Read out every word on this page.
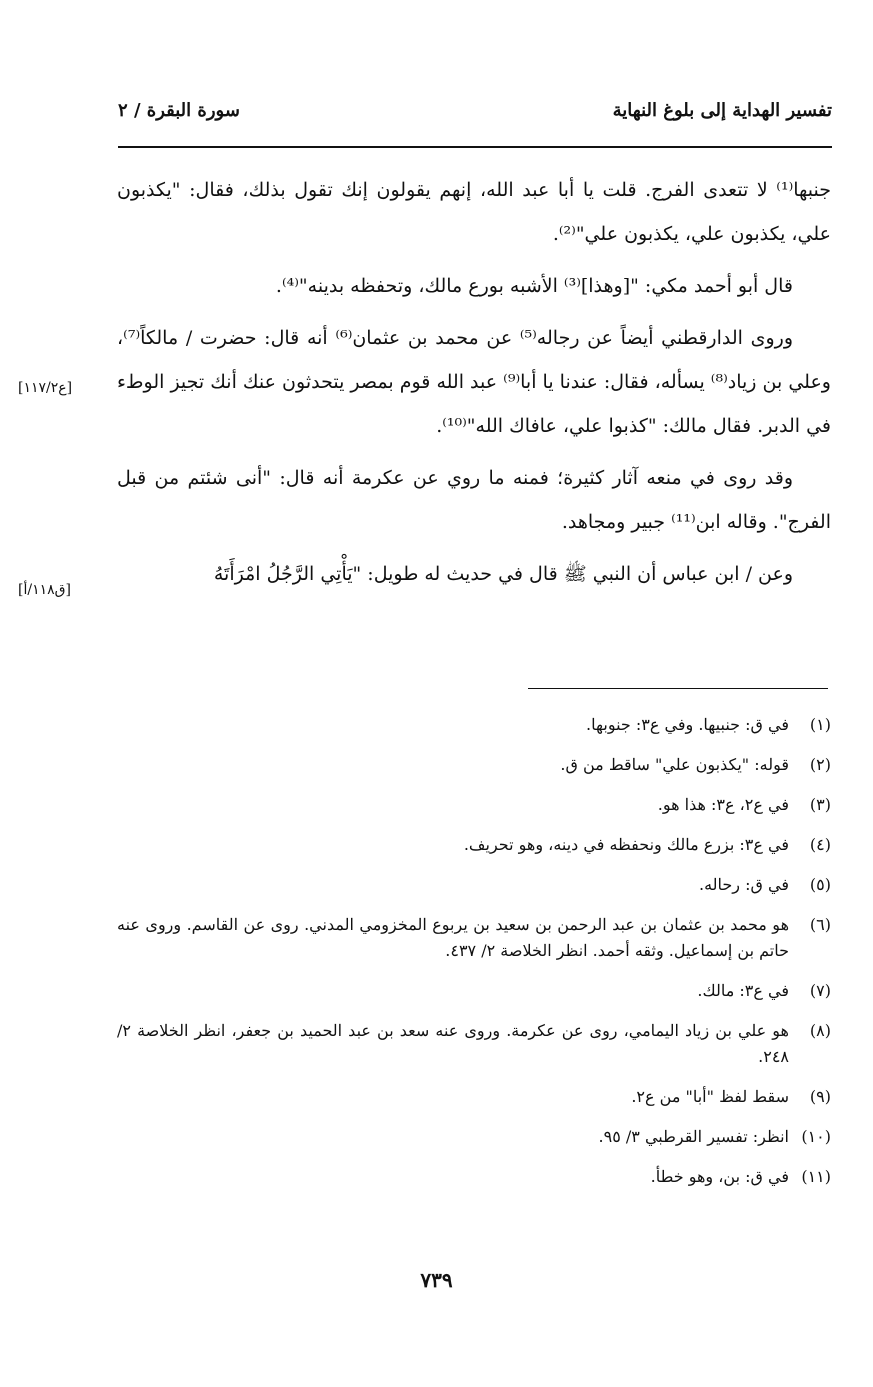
تفسير الهداية إلى بلوغ النهاية
سورة البقرة / ٢

جنبها⁽¹⁾ لا تتعدى الفرج. قلت يا أبا عبد الله، إنهم يقولون إنك تقول بذلك، فقال: "يكذبون علي، يكذبون علي، يكذبون علي"⁽²⁾.

قال أبو أحمد مكي: "[وهذا]⁽³⁾ الأشبه بورع مالك، وتحفظه بدينه"⁽⁴⁾.

وروى الدارقطني أيضاً عن رجاله⁽⁵⁾ عن محمد بن عثمان⁽⁶⁾ أنه قال: حضرت / مالكاً⁽⁷⁾، وعلي بن زياد⁽⁸⁾ يسأله، فقال: عندنا يا أبا⁽⁹⁾ عبد الله قوم بمصر يتحدثون عنك أنك تجيز الوطء في الدبر. فقال مالك: "كذبوا علي، عافاك الله"⁽¹⁰⁾.

وقد روى في منعه آثار كثيرة؛ فمنه ما روي عن عكرمة أنه قال: "أنى شئتم من قبل الفرج". وقاله ابن⁽¹¹⁾ جبير ومجاهد.

وعن / ابن عباس أن النبي ﷺ قال في حديث له طويل: "يَأْتِي الرَّجُلُ امْرَأَتَهُ

[ع١١٧/٢]
[ق١١٨/أ]
(١)
في ق: جنبيها. وفي ع٣: جنوبها.
(٢)
قوله: "يكذبون علي" ساقط من ق.
(٣)
في ع٢، ع٣: هذا هو.
(٤)
في ع٣: بزرع مالك ونحفظه في دينه، وهو تحريف.
(٥)
في ق: رحاله.
(٦)
هو محمد بن عثمان بن عبد الرحمن بن سعيد بن يربوع المخزومي المدني. روى عن القاسم. وروى عنه حاتم بن إسماعيل. وثقه أحمد. انظر الخلاصة ٢/ ٤٣٧.
(٧)
في ع٣: مالك.
(٨)
هو علي بن زياد اليمامي، روى عن عكرمة. وروى عنه سعد بن عبد الحميد بن جعفر، انظر الخلاصة ٢/ ٢٤٨.
(٩)
سقط لفظ "أبا" من ع٢.
(١٠)
انظر: تفسير القرطبي ٣/ ٩٥.
(١١)
في ق: بن، وهو خطأ.
٧٣٩
